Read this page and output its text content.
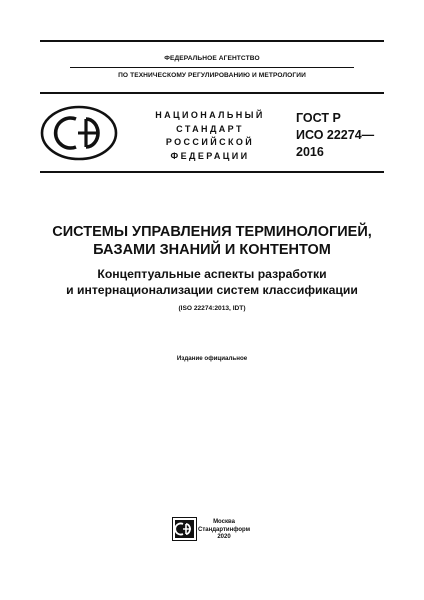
ФЕДЕРАЛЬНОЕ АГЕНТСТВО
ПО ТЕХНИЧЕСКОМУ РЕГУЛИРОВАНИЮ И МЕТРОЛОГИИ
НАЦИОНАЛЬНЫЙ
СТАНДАРТ
РОССИЙСКОЙ
ФЕДЕРАЦИИ
ГОСТ Р
ИСО 22274—
2016
СИСТЕМЫ УПРАВЛЕНИЯ ТЕРМИНОЛОГИЕЙ,
БАЗАМИ ЗНАНИЙ И КОНТЕНТОМ
Концептуальные аспекты разработки
и интернационализации систем классификации
(ISO 22274:2013, IDT)
Издание официальное
Москва
Стандартинформ
2020
